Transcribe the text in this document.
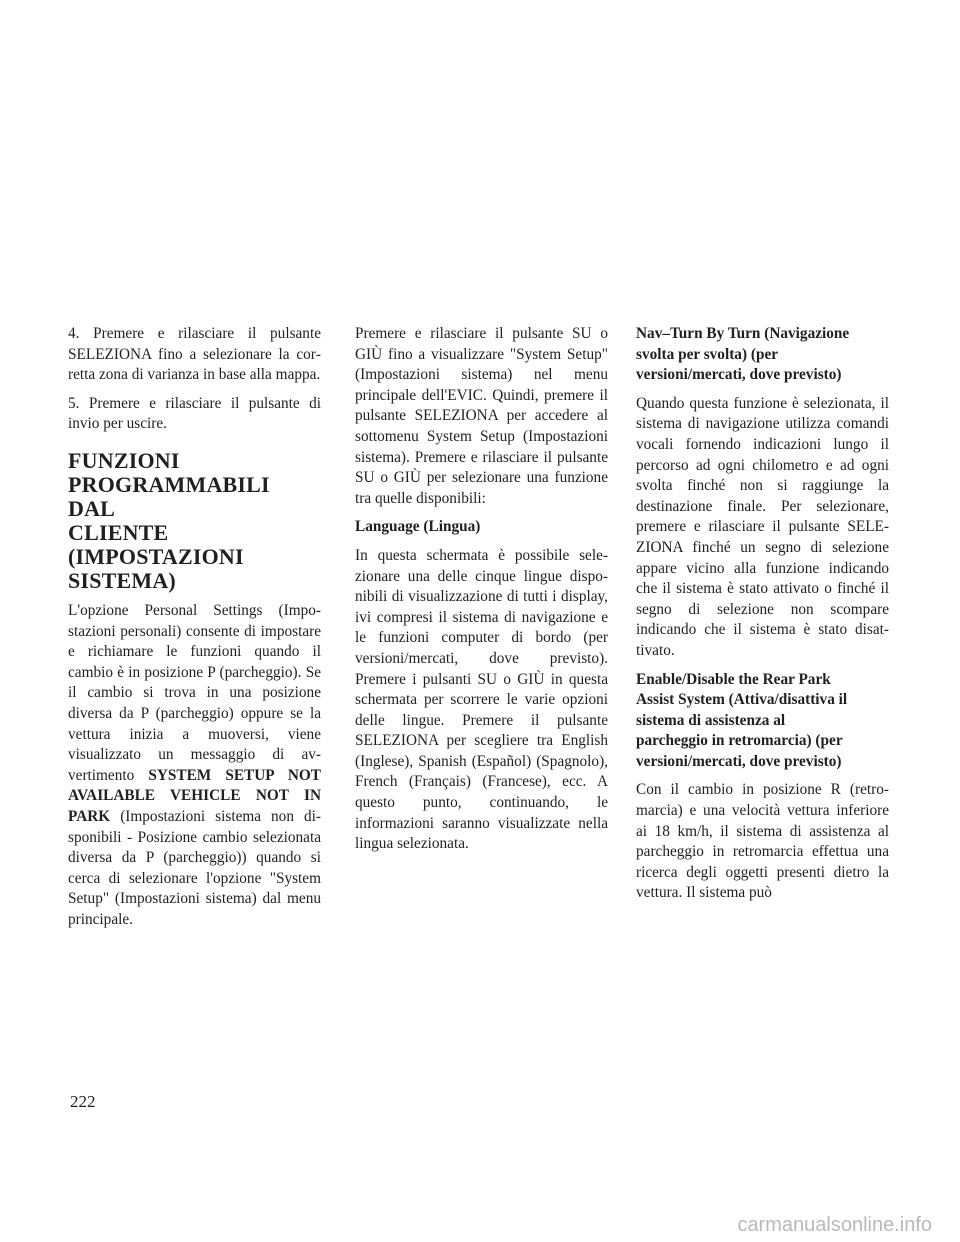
4. Premere e rilasciare il pulsante SELEZIONA fino a selezionare la corretta zona di varianza in base alla mappa.

5. Premere e rilasciare il pulsante di invio per uscire.

FUNZIONI
PROGRAMMABILI DAL
CLIENTE (IMPOSTAZIONI
SISTEMA)

L'opzione Personal Settings (Impostazioni personali) consente di impostare e richiamare le funzioni quando il cambio è in posizione P (parcheggio). Se il cambio si trova in una posizione diversa da P (parcheggio) oppure se la vettura inizia a muoversi, viene visualizzato un messaggio di avvertimento SYSTEM SETUP NOT AVAILABLE VEHICLE NOT IN PARK (Impostazioni sistema non disponibili - Posizione cambio selezionata diversa da P (parcheggio)) quando si cerca di selezionare l'opzione "System Setup" (Impostazioni sistema) dal menu principale.

Premere e rilasciare il pulsante SU o GIÙ fino a visualizzare "System Setup" (Impostazioni sistema) nel menu principale dell'EVIC. Quindi, premere il pulsante SELEZIONA per accedere al sottomenu System Setup (Impostazioni sistema). Premere e rilasciare il pulsante SU o GIÙ per selezionare una funzione tra quelle disponibili:

Language (Lingua)

In questa schermata è possibile selezionare una delle cinque lingue disponibili di visualizzazione di tutti i display, ivi compresi il sistema di navigazione e le funzioni computer di bordo (per versioni/mercati, dove previsto). Premere i pulsanti SU o GIÙ in questa schermata per scorrere le varie opzioni delle lingue. Premere il pulsante SELEZIONA per scegliere tra English (Inglese), Spanish (Español) (Spagnolo), French (Français) (Francese), ecc. A questo punto, continuando, le informazioni saranno visualizzate nella lingua selezionata.

Nav–Turn By Turn (Navigazione
svolta per svolta) (per
versioni/mercati, dove previsto)

Quando questa funzione è selezionata, il sistema di navigazione utilizza comandi vocali fornendo indicazioni lungo il percorso ad ogni chilometro e ad ogni svolta finché non si raggiunge la destinazione finale. Per selezionare, premere e rilasciare il pulsante SELEZIONA finché un segno di selezione appare vicino alla funzione indicando che il sistema è stato attivato o finché il segno di selezione non scompare indicando che il sistema è stato disattivato.

Enable/Disable the Rear Park
Assist System (Attiva/disattiva il
sistema di assistenza al
parcheggio in retromarcia) (per
versioni/mercati, dove previsto)

Con il cambio in posizione R (retromarcia) e una velocità vettura inferiore ai 18 km/h, il sistema di assistenza al parcheggio in retromarcia effettua una ricerca degli oggetti presenti dietro la vettura. Il sistema può

222
carmanualsonline.info
